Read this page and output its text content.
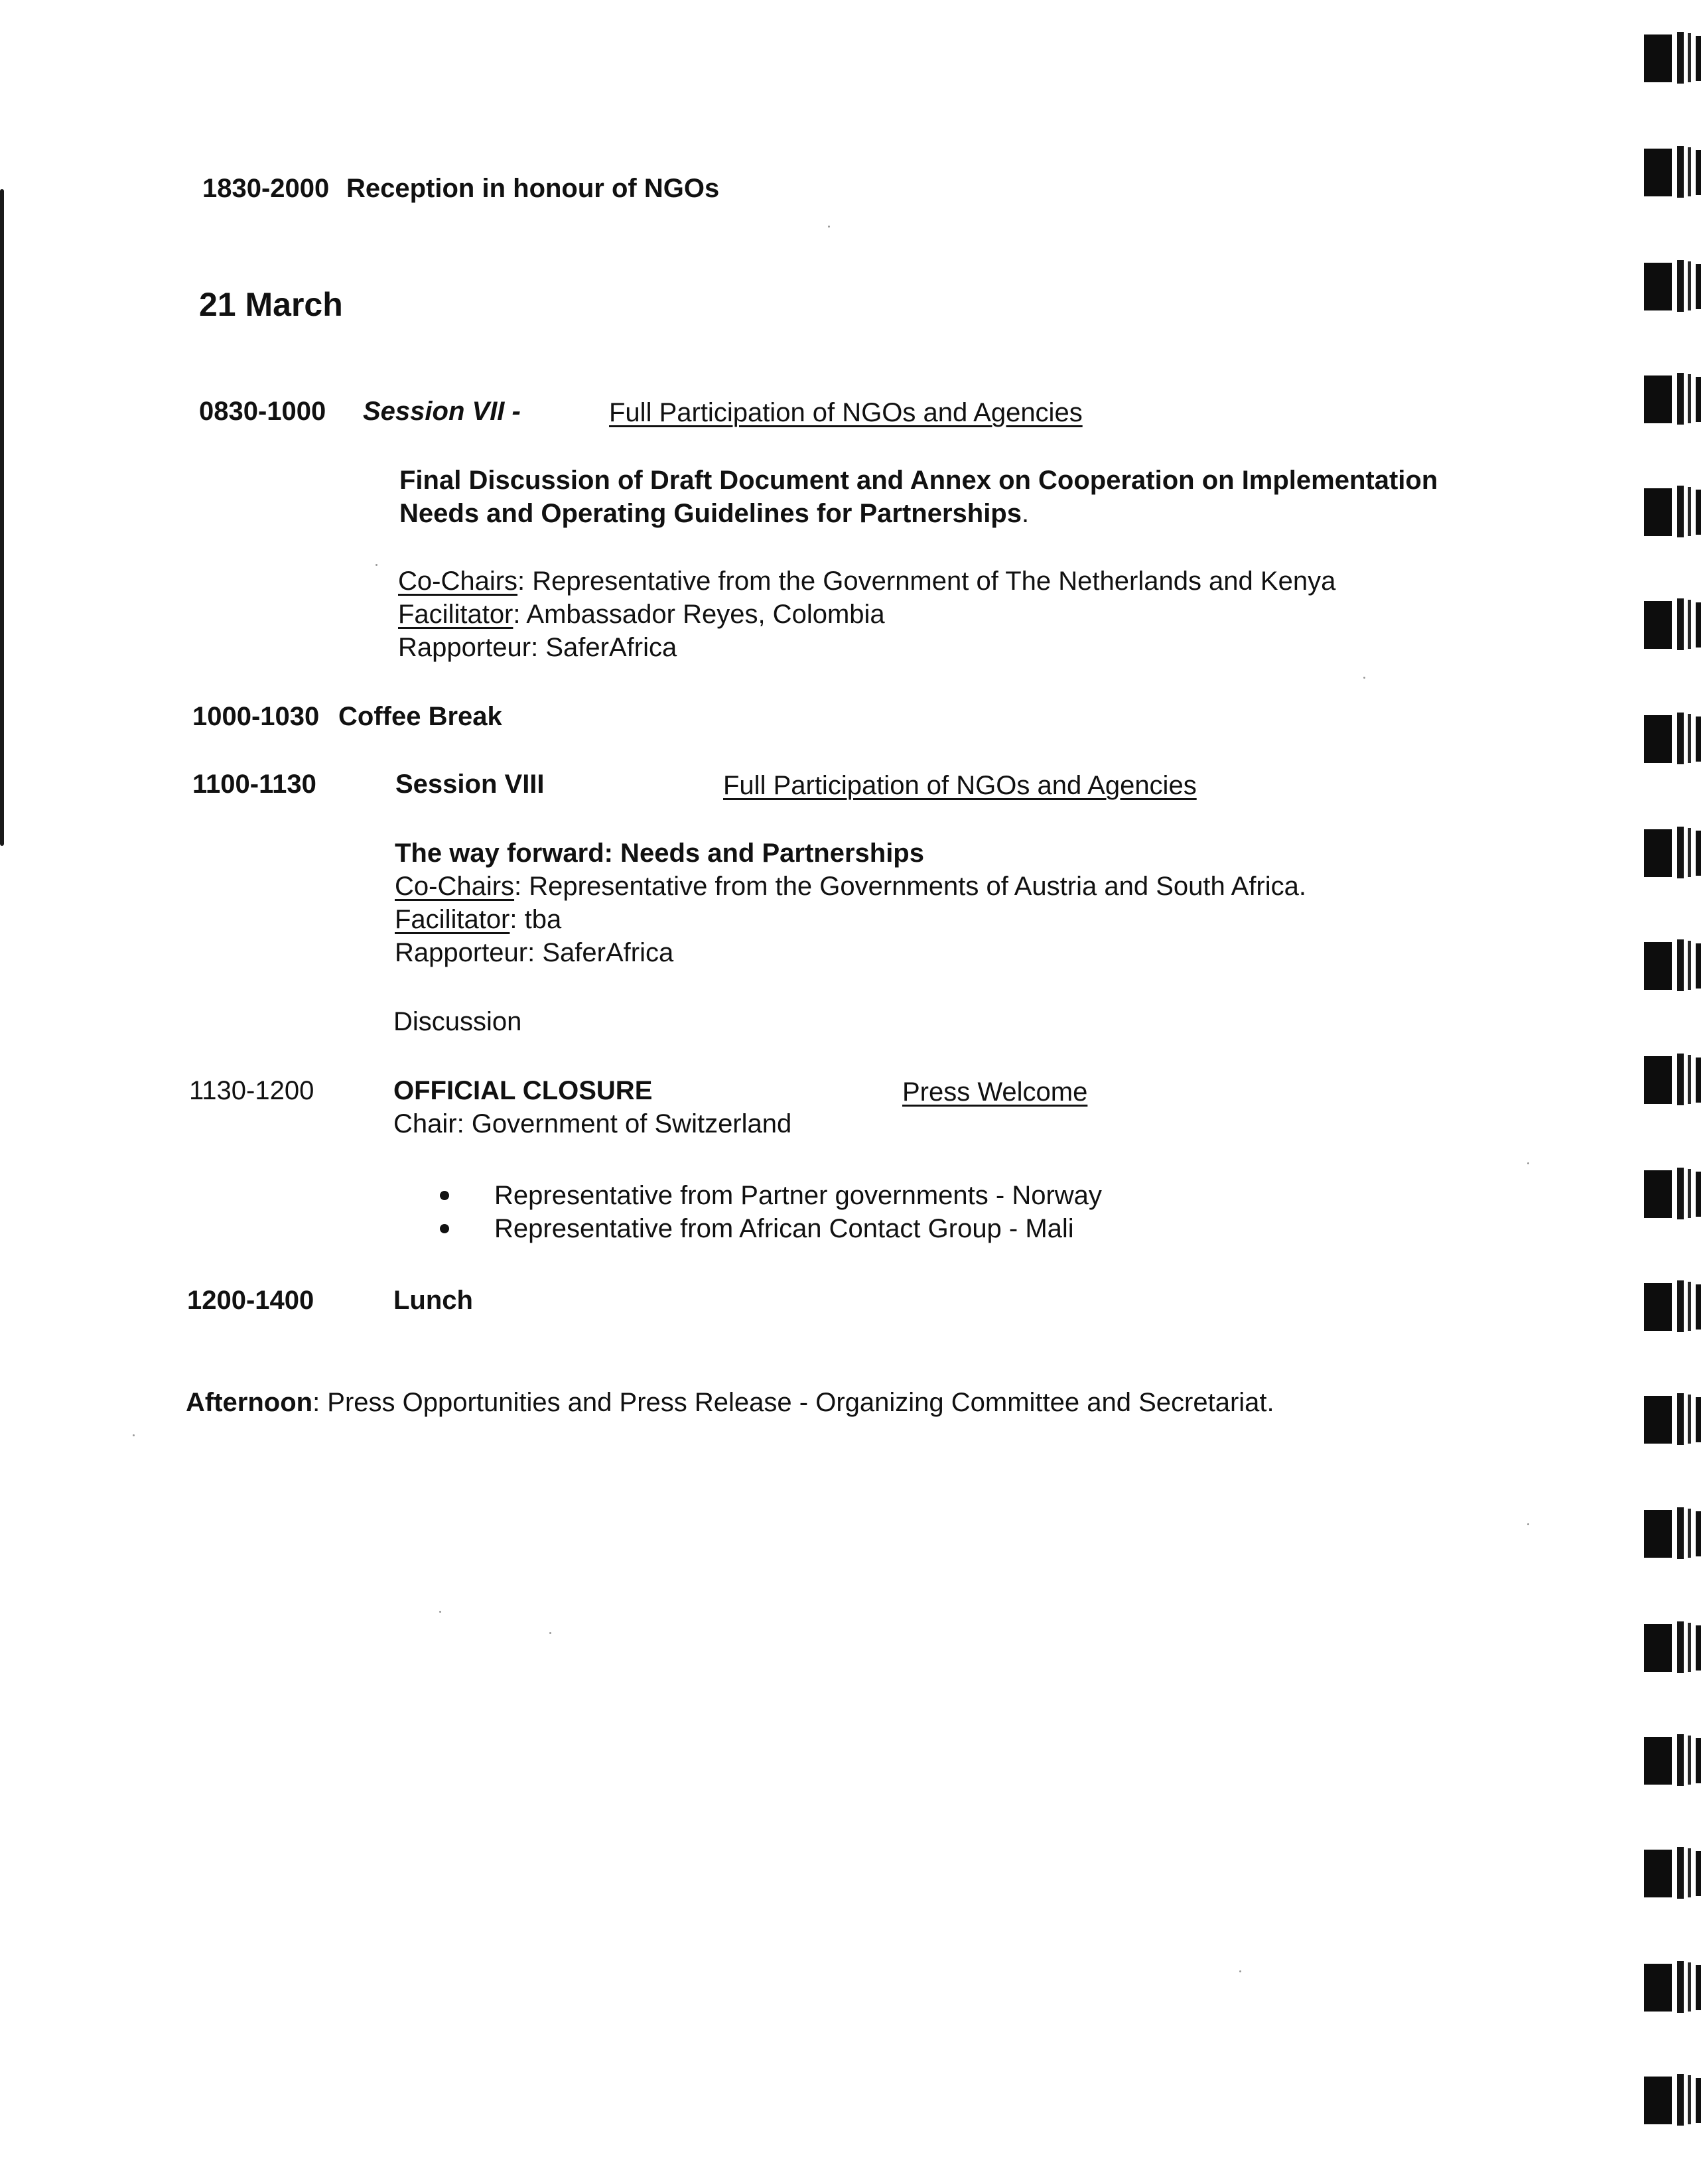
1830-2000 Reception in honour of NGOs
21 March
0830-1000 Session VII -	Full Participation of NGOs and Agencies
Final Discussion of Draft Document and Annex on Cooperation on Implementation
Needs and Operating Guidelines for Partnerships.
Co-Chairs: Representative from the Government of The Netherlands and Kenya
Facilitator: Ambassador Reyes, Colombia
Rapporteur: SaferAfrica
1000-1030 Coffee Break
1100-1130	Session VIII	Full Participation of NGOs and Agencies
The way forward: Needs and Partnerships
Co-Chairs: Representative from the Governments of Austria and South Africa.
Facilitator: tba
Rapporteur: SaferAfrica
Discussion
1130-1200	OFFICIAL CLOSURE	Press Welcome
Chair: Government of Switzerland
Representative from Partner governments - Norway
Representative from African Contact Group - Mali
1200-1400	Lunch
Afternoon: Press Opportunities and Press Release - Organizing Committee and Secretariat.
